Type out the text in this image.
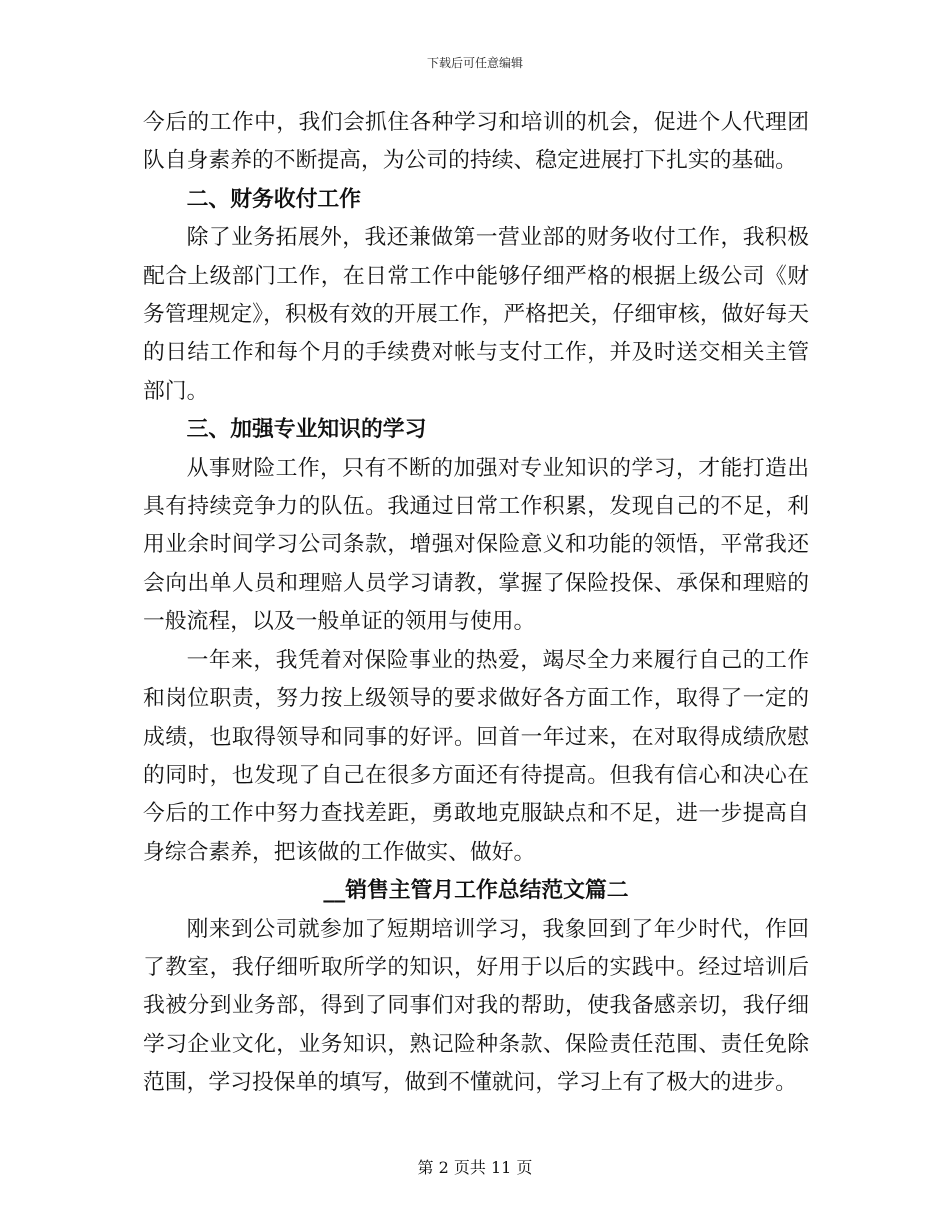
下载后可任意编辑

今后的工作中，我们会抓住各种学习和培训的机会，促进个人代理团队自身素养的不断提高，为公司的持续、稳定进展打下扎实的基础。

二、财务收付工作

除了业务拓展外，我还兼做第一营业部的财务收付工作，我积极配合上级部门工作，在日常工作中能够仔细严格的根据上级公司《财务管理规定》，积极有效的开展工作，严格把关，仔细审核，做好每天的日结工作和每个月的手续费对帐与支付工作，并及时送交相关主管部门。

三、加强专业知识的学习

从事财险工作，只有不断的加强对专业知识的学习，才能打造出具有持续竞争力的队伍。我通过日常工作积累，发现自己的不足，利用业余时间学习公司条款，增强对保险意义和功能的领悟，平常我还会向出单人员和理赔人员学习请教，掌握了保险投保、承保和理赔的一般流程，以及一般单证的领用与使用。

一年来，我凭着对保险事业的热爱，竭尽全力来履行自己的工作和岗位职责，努力按上级领导的要求做好各方面工作，取得了一定的成绩，也取得领导和同事的好评。回首一年过来，在对取得成绩欣慰的同时，也发现了自己在很多方面还有待提高。但我有信心和决心在今后的工作中努力查找差距，勇敢地克服缺点和不足，进一步提高自身综合素养，把该做的工作做实、做好。

__销售主管月工作总结范文篇二

刚来到公司就参加了短期培训学习，我象回到了年少时代，作回了教室，我仔细听取所学的知识，好用于以后的实践中。经过培训后我被分到业务部，得到了同事们对我的帮助，使我备感亲切，我仔细学习企业文化，业务知识，熟记险种条款、保险责任范围、责任免除范围，学习投保单的填写，做到不懂就问，学习上有了极大的进步。

第 2 页共 11 页
